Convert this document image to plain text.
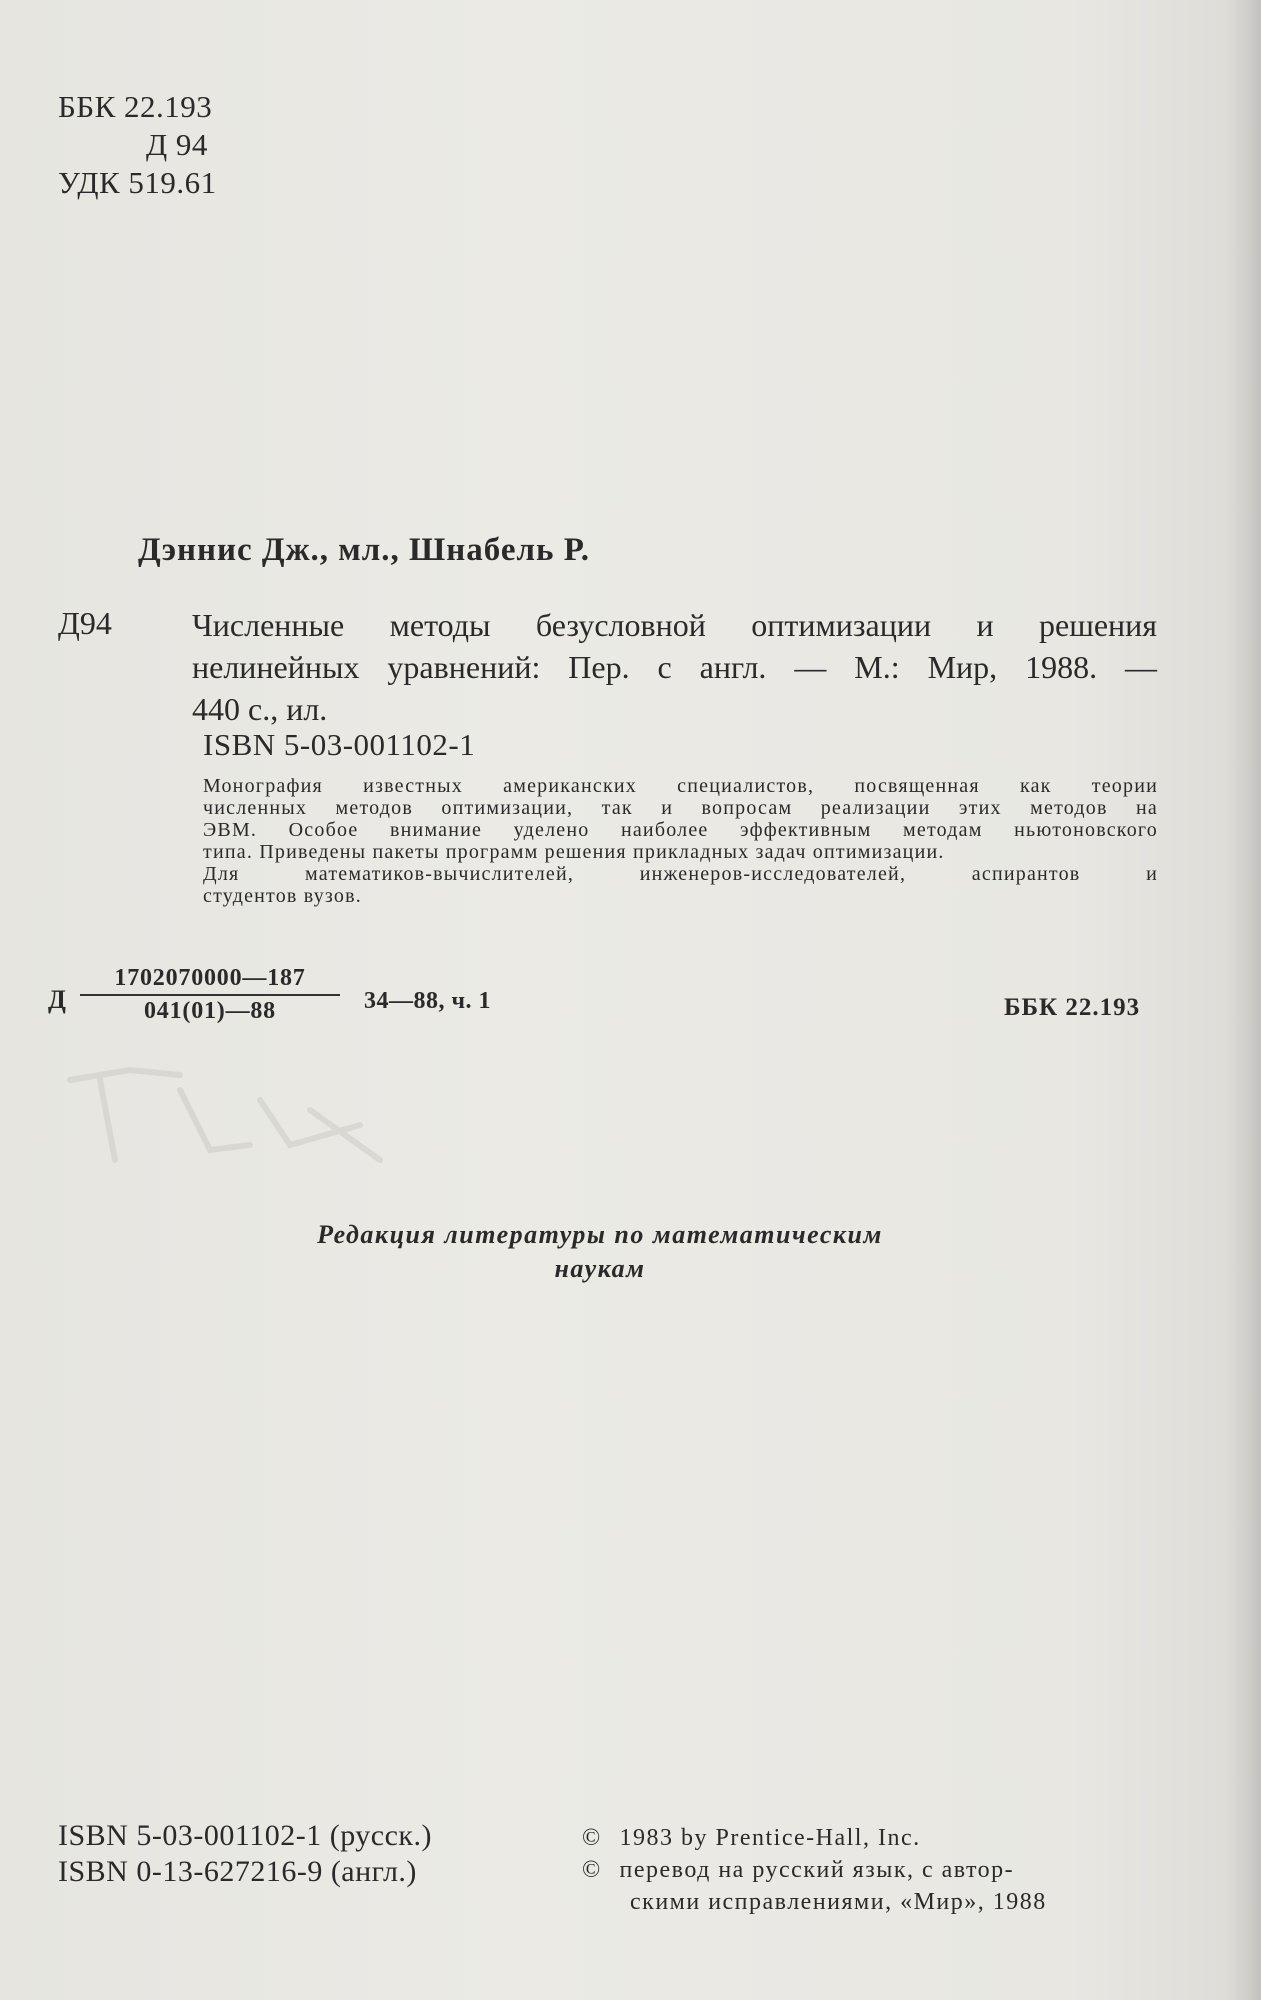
ББК 22.193
Д 94
УДК 519.61
Дэннис Дж., мл., Шнабель Р.
Д94	Численные методы безусловной оптимизации и решения
нелинейных уравнений: Пер. с англ. — М.: Мир, 1988. —
440 с., ил.
ISBN 5-03-001102-1
Монография известных американских специалистов, посвященная как теории
численных методов оптимизации, так и вопросам реализации этих методов на
ЭВМ. Особое внимание уделено наиболее эффективным методам ньютоновского
типа. Приведены пакеты программ решения прикладных задач оптимизации.
Для математиков-вычислителей, инженеров-исследователей, аспирантов и
студентов вузов.
Д $\frac{1702070000—187}{041(01)—88}$ 34—88, ч. 1	ББК 22.193
Редакция литературы по математическим
наукам
ISBN 5-03-001102-1 (русск.)
ISBN 0-13-627216-9 (англ.)
© 1983 by Prentice-Hall, Inc.
© перевод на русский язык, с автор-
скими исправлениями, «Мир», 1988
